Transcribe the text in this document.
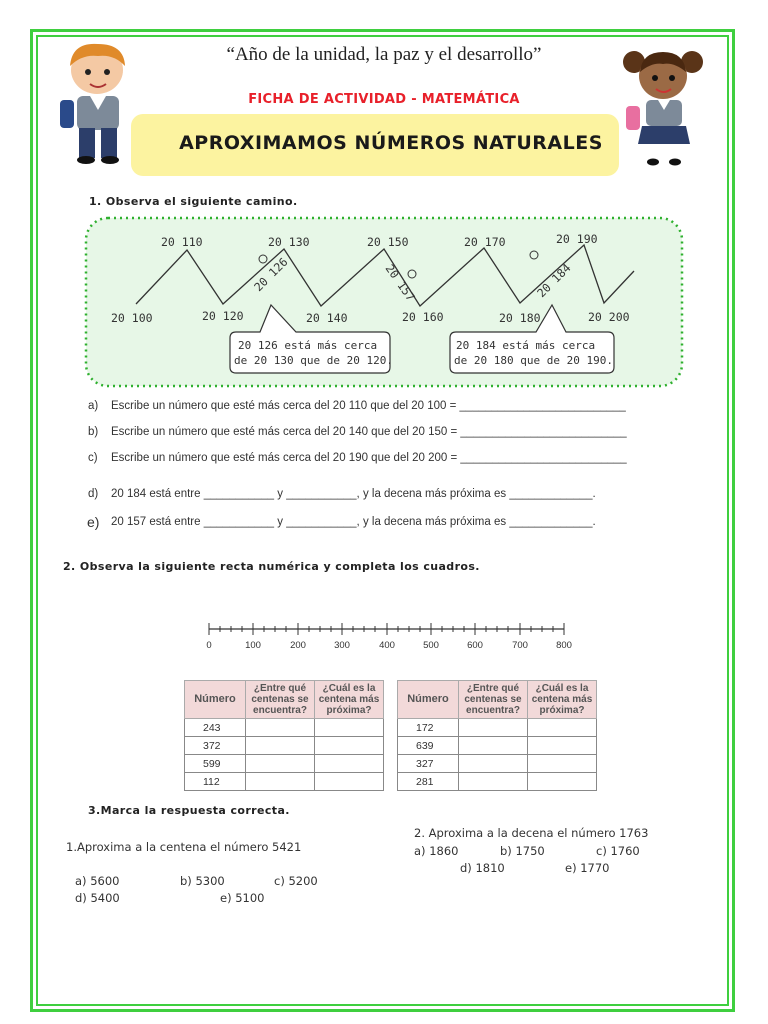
“Año de la unidad, la paz y el desarrollo”
FICHA DE ACTIVIDAD - MATEMÁTICA
APROXIMAMOS NÚMEROS NATURALES
1. Observa el siguiente camino.
20 110	20 130	20 150	20 170	20 190
20 100	20 120	20 140	20 160	20 180	20 200
20 126	20 157	20 184
20 126 está más cerca
de 20 130 que de 20 120.
20 184 está más cerca
de 20 180 que de 20 190.
a) Escribe un número que esté más cerca del 20 110 que del 20 100 = __________________________
b) Escribe un número que esté más cerca del 20 140 que del 20 150 = __________________________
c) Escribe un número que esté más cerca del 20 190 que del 20 200 = __________________________
d) 20 184 está entre ___________ y ___________, y la decena más próxima es _____________.
e) 20 157 está entre ___________ y ___________, y la decena más próxima es _____________.
2. Observa la siguiente recta numérica y completa los cuadros.
0	100	200	300	400	500	600	700	800
Número	¿Entre qué centenas se encuentra?	¿Cuál es la centena más próxima?
243		
372		
599		
112		
Número	¿Entre qué centenas se encuentra?	¿Cuál es la centena más próxima?
172		
639		
327		
281		
3.Marca la respuesta correcta.
1.Aproxima a la centena el número 5421
a) 5600	b) 5300	c) 5200
d) 5400	e) 5100
2. Aproxima a la decena el número 1763
a) 1860	b) 1750	c) 1760
d) 1810	e) 1770
